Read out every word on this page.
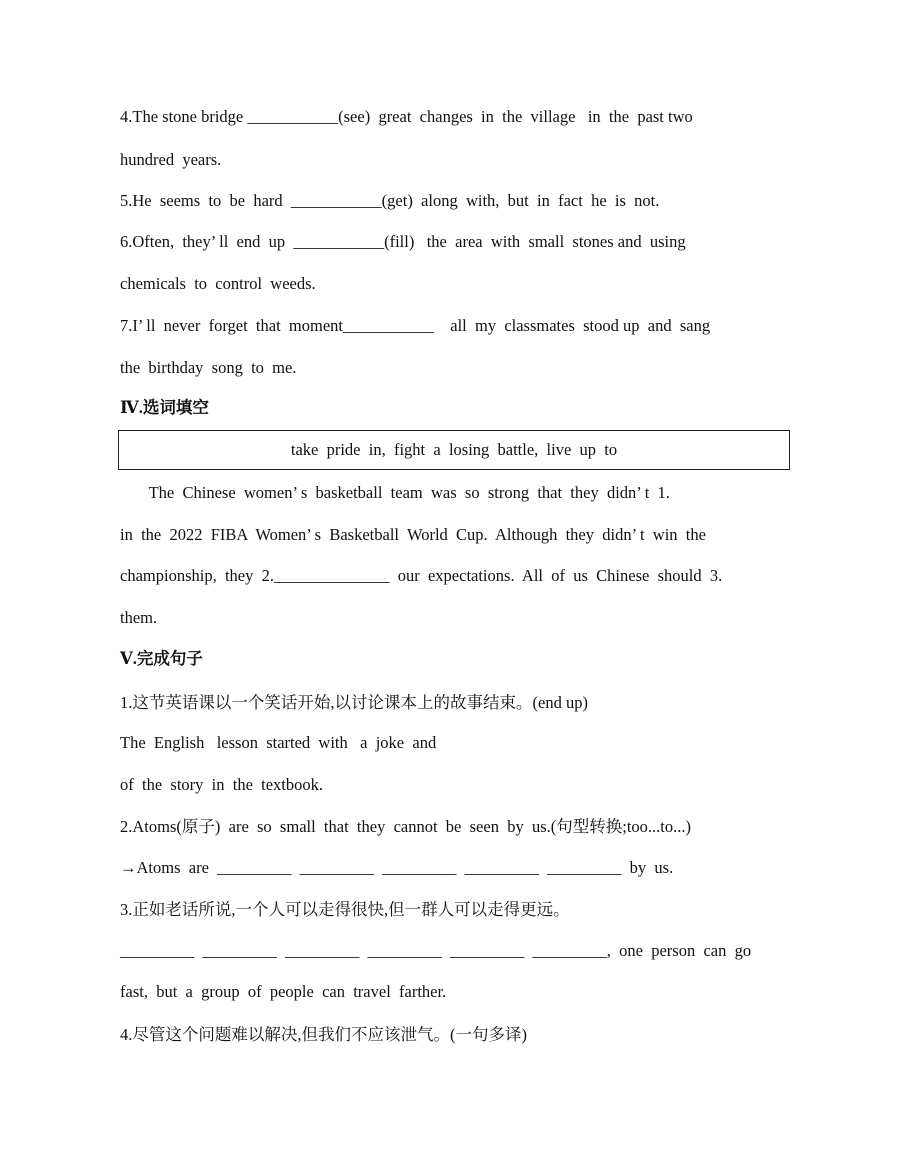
4.The stone bridge ___________(see)  great  changes  in  the  village   in  the  past two
hundred  years.
5.He  seems  to  be  hard  ___________(get)  along  with,  but  in  fact  he  is  not.
6.Often,  they’ ll  end  up  ___________(fill)   the  area  with  small  stones and  using
chemicals  to  control  weeds.
7.I’ ll  never  forget  that  moment___________    all  my  classmates  stood up  and  sang
the  birthday  song  to  me.
Ⅳ.选词填空
take  pride  in,  fight  a  losing  battle,  live  up  to
The  Chinese  women’ s  basketball  team  was  so  strong  that  they  didn’ t  1.
in  the  2022  FIBA  Women’ s  Basketball  World  Cup.  Although  they  didn’ t  win  the
championship,  they  2.______________  our  expectations.  All  of  us  Chinese  should  3.
them.
Ⅴ.完成句子
1.这节英语课以一个笑话开始,以讨论课本上的故事结束。(end up)
The  English   lesson  started  with   a  joke  and
of  the  story  in  the  textbook.
2.Atoms(原子)  are  so  small  that  they  cannot  be  seen  by  us.(句型转换;too...to...)
→Atoms  are  _________  _________  _________  _________  _________  by  us.
3.正如老话所说,一个人可以走得很快,但一群人可以走得更远。
_________  _________  _________  _________  _________  _________,  one  person  can  go
fast,  but  a  group  of  people  can  travel  farther.
4.尽管这个问题难以解决,但我们不应该泄气。(一句多译)
